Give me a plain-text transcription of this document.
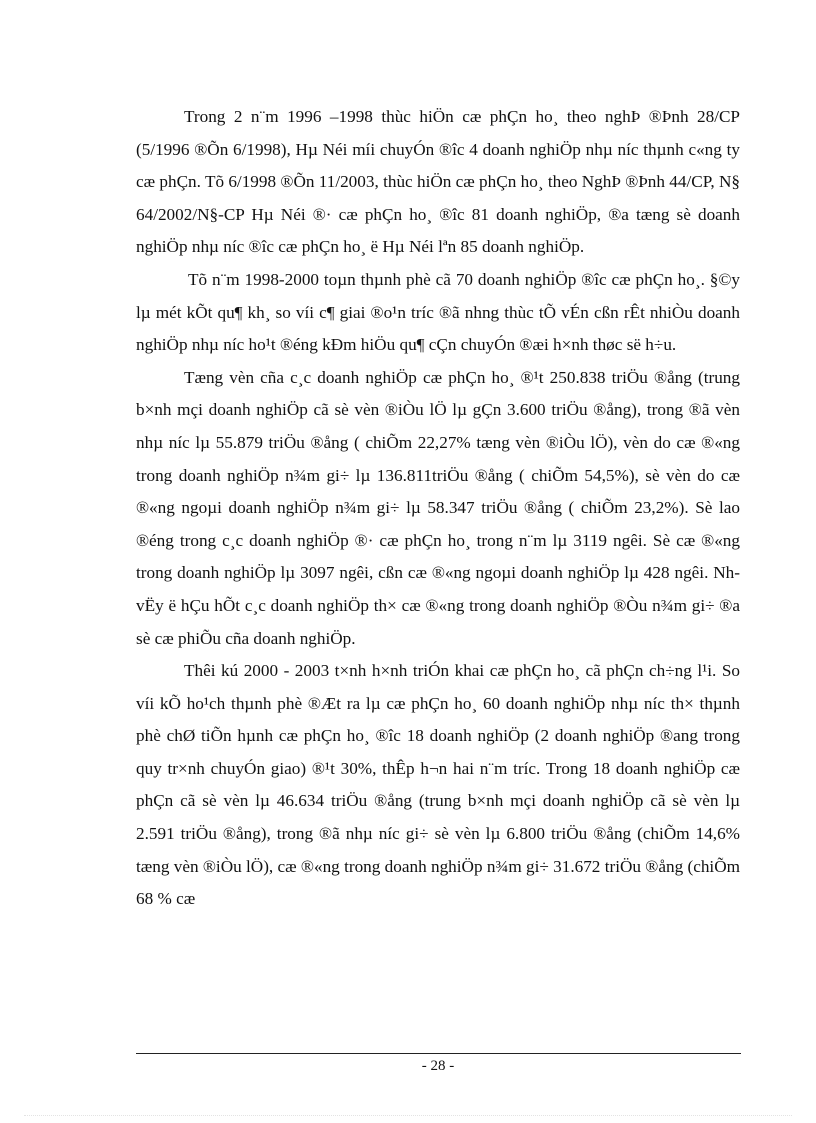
Trong 2 n¨m 1996 –1998 thùc hiÖn cæ phÇn ho¸ theo nghÞ ®Þnh 28/CP (5/1996 ®Õn 6/1998), Hµ Néi míi chuyÓn ®îc 4 doanh nghiÖp nhµ níc thµnh c«ng ty cæ phÇn. Tõ 6/1998 ®Õn 11/2003, thùc hiÖn cæ phÇn ho¸ theo NghÞ ®Þnh 44/CP, N§ 64/2002/N§-CP Hµ Néi ®· cæ phÇn ho¸ ®îc 81 doanh nghiÖp, ®a tæng sè doanh nghiÖp nhµ níc ®îc cæ phÇn ho¸ ë Hµ Néi lªn 85 doanh nghiÖp.

Tõ n¨m 1998-2000 toµn thµnh phè cã 70 doanh nghiÖp ®îc cæ phÇn ho¸. §©y lµ mét kÕt qu¶ kh¸ so víi c¶ giai ®o¹n tríc ®ã nhng thùc tÕ vÉn cßn rÊt nhiÒu doanh nghiÖp nhµ níc ho¹t ®éng kÐm hiÖu qu¶ cÇn chuyÓn ®æi h×nh thøc së h÷u.

Tæng vèn cña c¸c doanh nghiÖp cæ phÇn ho¸ ®¹t 250.838 triÖu ®ång (trung b×nh mçi doanh nghiÖp cã sè vèn ®iÒu lÖ lµ gÇn 3.600 triÖu ®ång), trong ®ã vèn nhµ níc lµ 55.879 triÖu ®ång ( chiÕm 22,27% tæng vèn ®iÒu lÖ), vèn do cæ ®«ng trong doanh nghiÖp n¾m gi÷ lµ 136.811triÖu ®ång ( chiÕm 54,5%), sè vèn do cæ ®«ng ngoµi doanh nghiÖp n¾m gi÷ lµ 58.347 triÖu ®ång ( chiÕm 23,2%). Sè lao ®éng trong c¸c doanh nghiÖp ®· cæ phÇn ho¸ trong n¨m lµ 3119 ngêi. Sè cæ ®«ng trong doanh nghiÖp lµ 3097 ngêi, cßn cæ ®«ng ngoµi doanh nghiÖp lµ 428 ngêi. Nh vËy ë hÇu hÕt c¸c doanh nghiÖp th× cæ ®«ng trong doanh nghiÖp ®Òu n¾m gi÷ ®a sè cæ phiÕu cña doanh nghiÖp.

Thêi kú 2000 - 2003 t×nh h×nh triÓn khai cæ phÇn ho¸ cã phÇn ch÷ng l¹i. So víi kÕ ho¹ch thµnh phè ®Æt ra lµ cæ phÇn ho¸ 60 doanh nghiÖp nhµ níc th× thµnh phè chØ tiÕn hµnh cæ phÇn ho¸ ®îc 18 doanh nghiÖp (2 doanh nghiÖp ®ang trong quy tr×nh chuyÓn giao) ®¹t 30%, thÊp h¬n hai n¨m tríc. Trong 18 doanh nghiÖp cæ phÇn cã sè vèn lµ 46.634 triÖu ®ång (trung b×nh mçi doanh nghiÖp cã sè vèn lµ 2.591 triÖu ®ång), trong ®ã nhµ níc gi÷ sè vèn lµ 6.800 triÖu ®ång (chiÕm 14,6% tæng vèn ®iÒu lÖ), cæ ®«ng trong doanh nghiÖp n¾m gi÷ 31.672 triÖu ®ång (chiÕm 68 % cæ

- 28 -
